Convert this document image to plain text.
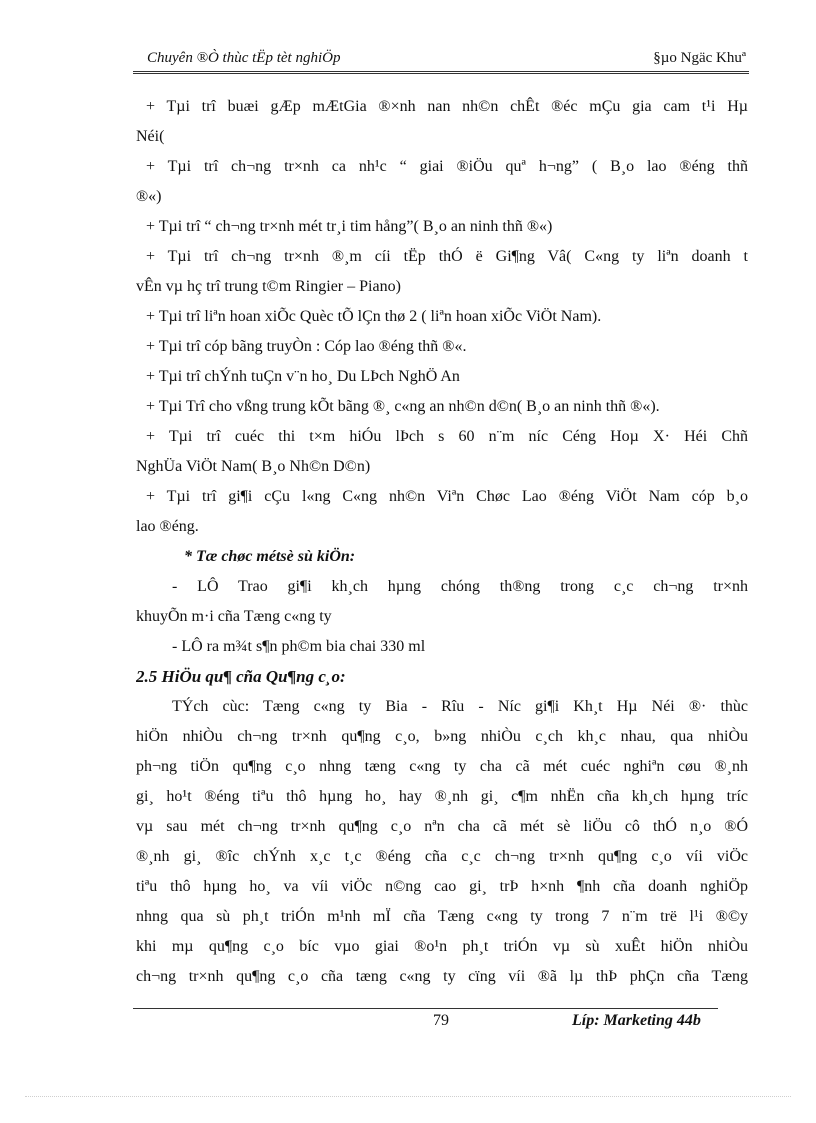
Chuyên ®Ò thùc tËp tèt nghiÖp	§µo Ngäc Khuª

+ Tµi trî buæi gÆp mÆtGia ®×nh nan nh©n chÊt ®éc mÇu gia cam t¹i Hµ

Néi(

+ Tµi trî ch¬ng tr×nh ca nh¹c “ giai ®iÖu quª h¬ng” ( B¸o lao ®éng thñ

®«)

+ Tµi trî “ ch¬ng tr×nh mét tr¸i tim hång”( B¸o an ninh thñ ®«)

+ Tµi trî ch¬ng tr×nh ®¸m cíi tËp thÓ ë Gi¶ng Vâ( C«ng ty liªn doanh t

vÊn vµ hç trî trung t©m Ringier – Piano)

+ Tµi trî liªn hoan xiÕc Quèc tÕ lÇn thø 2 ( liªn hoan xiÕc ViÖt Nam).

+ Tµi trî cóp bãng truyÒn : Cóp lao ®éng thñ ®«.

+ Tµi trî chÝnh tuÇn v¨n ho¸ Du LÞch NghÖ An

+ Tµi Trî cho vßng trung kÕt bãng ®¸ c«ng an nh©n d©n( B¸o an ninh thñ ®«).

+ Tµi trî cuéc thi t×m hiÓu lÞch s 60 n¨m níc Céng Hoµ X· Héi Chñ

NghÜa ViÖt Nam( B¸o Nh©n D©n)

+ Tµi trî gi¶i cÇu l«ng C«ng nh©n Viªn Chøc Lao ®éng ViÖt Nam cóp b¸o

lao ®éng.

* Tæ chøc métsè sù kiÖn:

- LÔ Trao gi¶i kh¸ch hµng chóng th®ng trong c¸c ch¬ng tr×nh

khuyÕn m·i cña Tæng c«ng ty

- LÔ ra m¾t s¶n ph©m bia chai 330 ml

2.5 HiÖu qu¶ cña Qu¶ng c¸o:

TÝch cùc: Tæng c«ng ty Bia - Rîu - Níc gi¶i Kh¸t Hµ Néi ®· thùc

hiÖn nhiÒu ch¬ng tr×nh qu¶ng c¸o, b»ng nhiÒu c¸ch kh¸c nhau, qua nhiÒu

ph¬ng tiÖn qu¶ng c¸o nhng tæng c«ng ty cha cã mét cuéc nghiªn cøu ®¸nh

gi¸ ho¹t ®éng tiªu thô hµng ho¸ hay ®¸nh gi¸ c¶m nhËn cña kh¸ch hµng tríc

vµ sau mét ch¬ng tr×nh qu¶ng c¸o nªn cha cã mét sè liÖu cô thÓ n¸o ®Ó

®¸nh gi¸ ®îc chÝnh x¸c t¸c ®éng cña c¸c ch¬ng tr×nh qu¶ng c¸o víi viÖc

tiªu thô hµng ho¸ va víi viÖc n©ng cao gi¸ trÞ h×nh ¶nh cña doanh nghiÖp

nhng qua sù ph¸t triÓn m¹nh mÏ cña Tæng c«ng ty trong 7 n¨m trë l¹i ®©y

khi mµ qu¶ng c¸o bíc vµo giai ®o¹n ph¸t triÓn vµ sù xuÊt hiÖn nhiÒu

ch¬ng tr×nh qu¶ng c¸o cña tæng c«ng ty cïng víi ®ã lµ thÞ phÇn cña Tæng

79	Líp: Marketing 44b
